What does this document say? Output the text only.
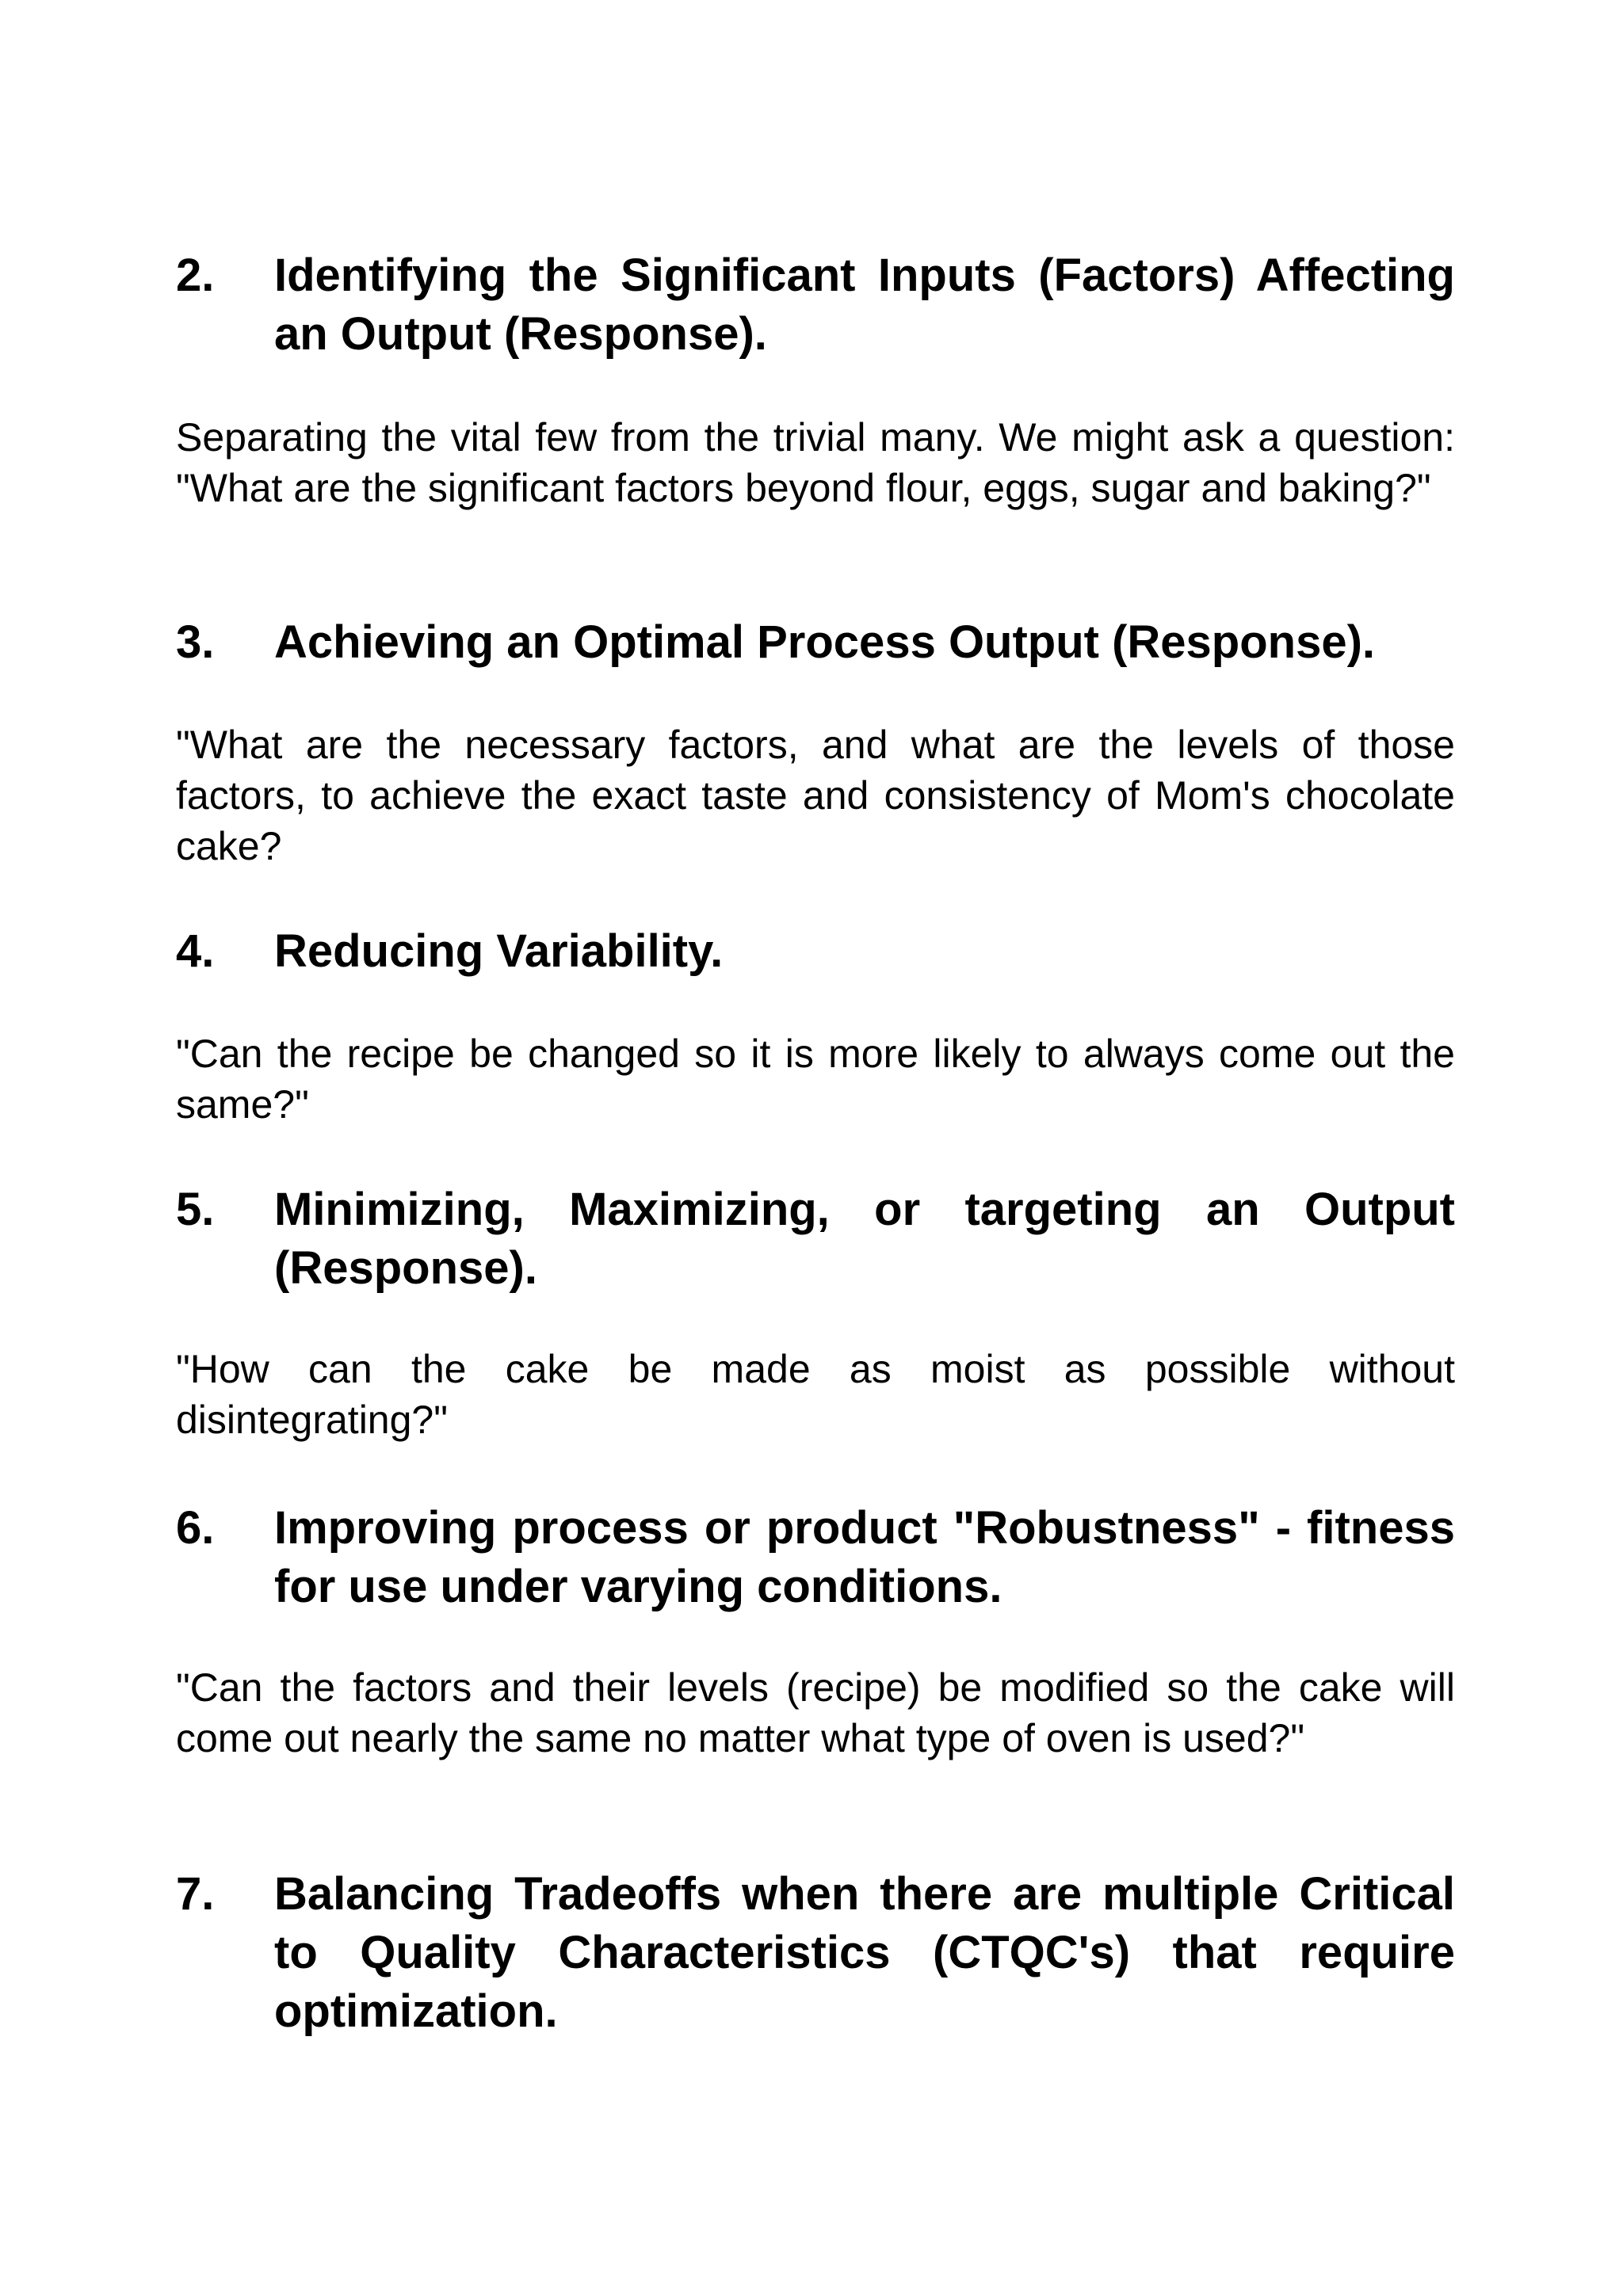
2.	Identifying the Significant Inputs (Factors) Affecting an Output (Response).
Separating the vital few from the trivial many. We might ask a question: "What are the significant factors beyond flour, eggs, sugar and baking?"
3.	Achieving an Optimal Process Output (Response).
"What are the necessary factors, and what are the levels of those factors, to achieve the exact taste and consistency of Mom's chocolate cake?
4.	Reducing Variability.
"Can the recipe be changed so it is more likely to always come out the same?"
5.	Minimizing, Maximizing, or targeting an Output (Response).
"How can the cake be made as moist as possible without disintegrating?"
6.	Improving process or product "Robustness" - fitness for use under varying conditions.
"Can the factors and their levels (recipe) be modified so the cake will come out nearly the same no matter what type of oven is used?"
7.	Balancing Tradeoffs when there are multiple Critical to Quality Characteristics (CTQC's) that require optimization.
